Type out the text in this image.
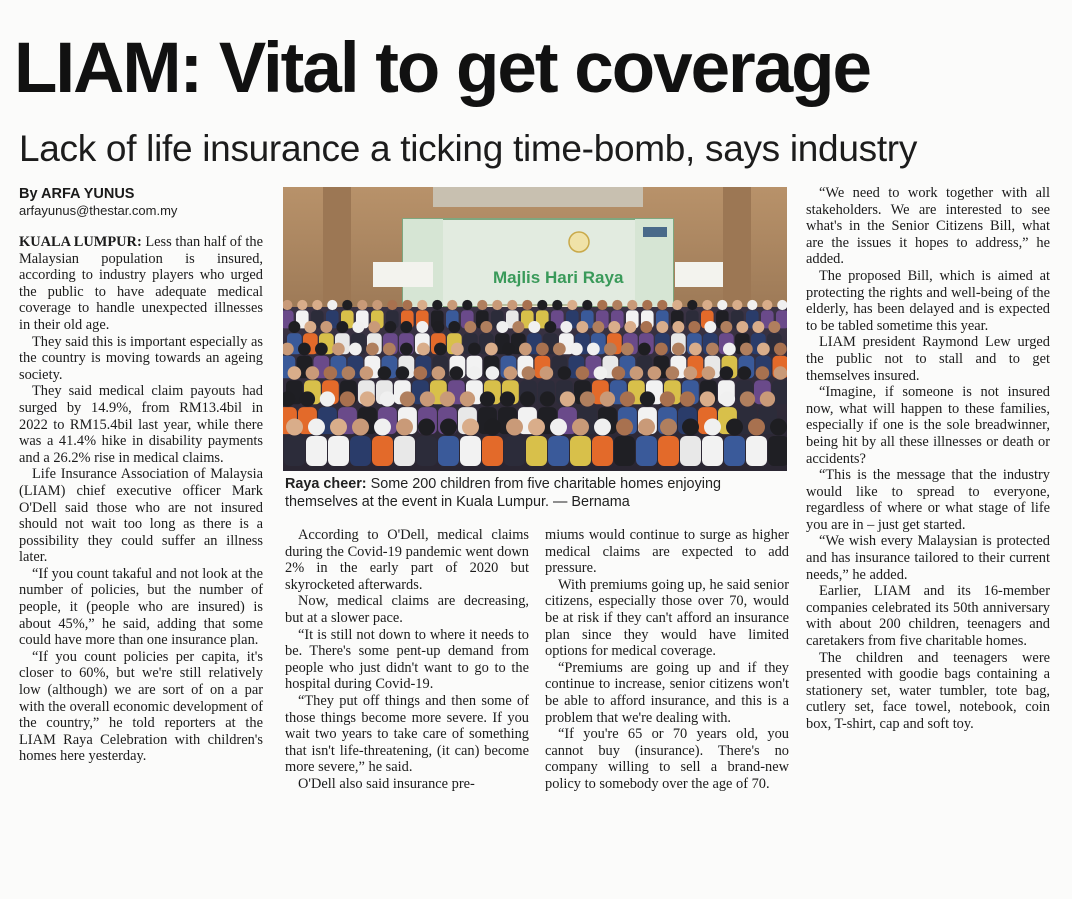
LIAM: Vital to get coverage
Lack of life insurance a ticking time-bomb, says industry
By ARFA YUNUS
arfayunus@thestar.com.my

KUALA LUMPUR: Less than half of the Malaysian population is insured, according to industry players who urged the public to have adequate medical coverage to handle unexpected illnesses in their old age.

They said this is important especially as the country is moving towards an ageing society.

They said medical claim payouts had surged by 14.9%, from RM13.4bil in 2022 to RM15.4bil last year, while there was a 41.4% hike in disability payments and a 26.2% rise in medical claims.

Life Insurance Association of Malaysia (LIAM) chief executive officer Mark O'Dell said those who are not insured should not wait too long as there is a possibility they could suffer an illness later.

“If you count takaful and not look at the number of policies, but the number of people, it (people who are insured) is about 45%,” he said, adding that some could have more than one insurance plan.

“If you count policies per capita, it's closer to 60%, but we're still relatively low (although) we are sort of on a par with the overall economic development of the country,” he told reporters at the LIAM Raya Celebration with children's homes here yesterday.

Majlis Hari Raya
Raya cheer: Some 200 children from five charitable homes enjoying themselves at the event in Kuala Lumpur. — Bernama

According to O'Dell, medical claims during the Covid-19 pandemic went down 2% in the early part of 2020 but skyrocketed afterwards.

Now, medical claims are decreasing, but at a slower pace.

“It is still not down to where it needs to be. There's some pent-up demand from people who just didn't want to go to the hospital during Covid-19.

“They put off things and then some of those things become more severe. If you wait two years to take care of something that isn't life-threatening, (it can) become more severe,” he said.

O'Dell also said insurance pre-

miums would continue to surge as higher medical claims are expected to add pressure.

With premiums going up, he said senior citizens, especially those over 70, would be at risk if they can't afford an insurance plan since they would have limited options for medical coverage.

“Premiums are going up and if they continue to increase, senior citizens won't be able to afford insurance, and this is a problem that we're dealing with.

“If you're 65 or 70 years old, you cannot buy (insurance). There's no company willing to sell a brand-new policy to somebody over the age of 70.

“We need to work together with all stakeholders. We are interested to see what's in the Senior Citizens Bill, what are the issues it hopes to address,” he added.

The proposed Bill, which is aimed at protecting the rights and well-being of the elderly, has been delayed and is expected to be tabled sometime this year.

LIAM president Raymond Lew urged the public not to stall and to get themselves insured.

“Imagine, if someone is not insured now, what will happen to these families, especially if one is the sole breadwinner, being hit by all these illnesses or death or accidents?

“This is the message that the industry would like to spread to everyone, regardless of where or what stage of life you are in – just get started.

“We wish every Malaysian is protected and has insurance tailored to their current needs,” he added.

Earlier, LIAM and its 16-member companies celebrated its 50th anniversary with about 200 children, teenagers and caretakers from five charitable homes.

The children and teenagers were presented with goodie bags containing a stationery set, water tumbler, tote bag, cutlery set, face towel, notebook, coin box, T-shirt, cap and soft toy.
